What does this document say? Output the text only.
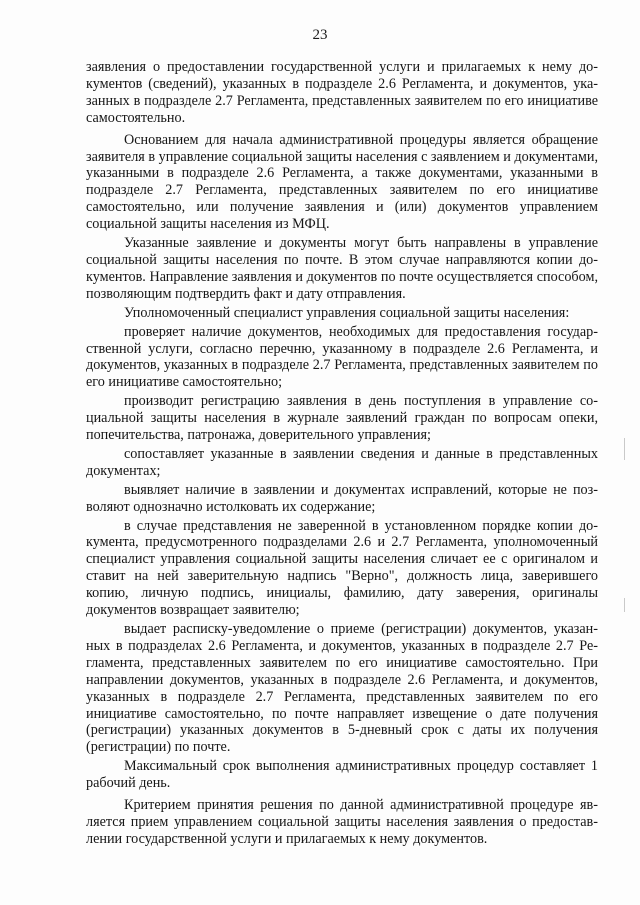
23

заявления о предоставлении государственной услуги и прилагаемых к нему документов (сведений), указанных в подразделе 2.6 Регламента, и документов, указанных в подразделе 2.7 Регламента, представленных заявителем по его инициативе самостоятельно.

Основанием для начала административной процедуры является обращение заявителя в управление социальной защиты населения с заявлением и документами, указанными в подразделе 2.6 Регламента, а также документами, указанными в подразделе 2.7 Регламента, представленных заявителем по его инициативе самостоятельно, или получение заявления и (или) документов управлением социальной защиты населения из МФЦ.

Указанные заявление и документы могут быть направлены в управление социальной защиты населения по почте. В этом случае направляются копии документов. Направление заявления и документов по почте осуществляется способом, позволяющим подтвердить факт и дату отправления.

Уполномоченный специалист управления социальной защиты населения:

проверяет наличие документов, необходимых для предоставления государственной услуги, согласно перечню, указанному в подразделе 2.6 Регламента, и документов, указанных в подразделе 2.7 Регламента, представленных заявителем по его инициативе самостоятельно;

производит регистрацию заявления в день поступления в управление социальной защиты населения в журнале заявлений граждан по вопросам опеки, попечительства, патронажа, доверительного управления;

сопоставляет указанные в заявлении сведения и данные в представленных документах;

выявляет наличие в заявлении и документах исправлений, которые не позволяют однозначно истолковать их содержание;

в случае представления не заверенной в установленном порядке копии документа, предусмотренного подразделами 2.6 и 2.7 Регламента, уполномоченный специалист управления социальной защиты населения сличает ее с оригиналом и ставит на ней заверительную надпись "Верно", должность лица, заверившего копию, личную подпись, инициалы, фамилию, дату заверения, оригиналы документов возвращает заявителю;

выдает расписку-уведомление о приеме (регистрации) документов, указанных в подразделах 2.6 Регламента, и документов, указанных в подразделе 2.7 Регламента, представленных заявителем по его инициативе самостоятельно. При направлении документов, указанных в подразделе 2.6 Регламента, и документов, указанных в подразделе 2.7 Регламента, представленных заявителем по его инициативе самостоятельно, по почте направляет извещение о дате получения (регистрации) указанных документов в 5-дневный срок с даты их получения (регистрации) по почте.

Максимальный срок выполнения административных процедур составляет 1 рабочий день.

Критерием принятия решения по данной административной процедуре является прием управлением социальной защиты населения заявления о предоставлении государственной услуги и прилагаемых к нему документов.
